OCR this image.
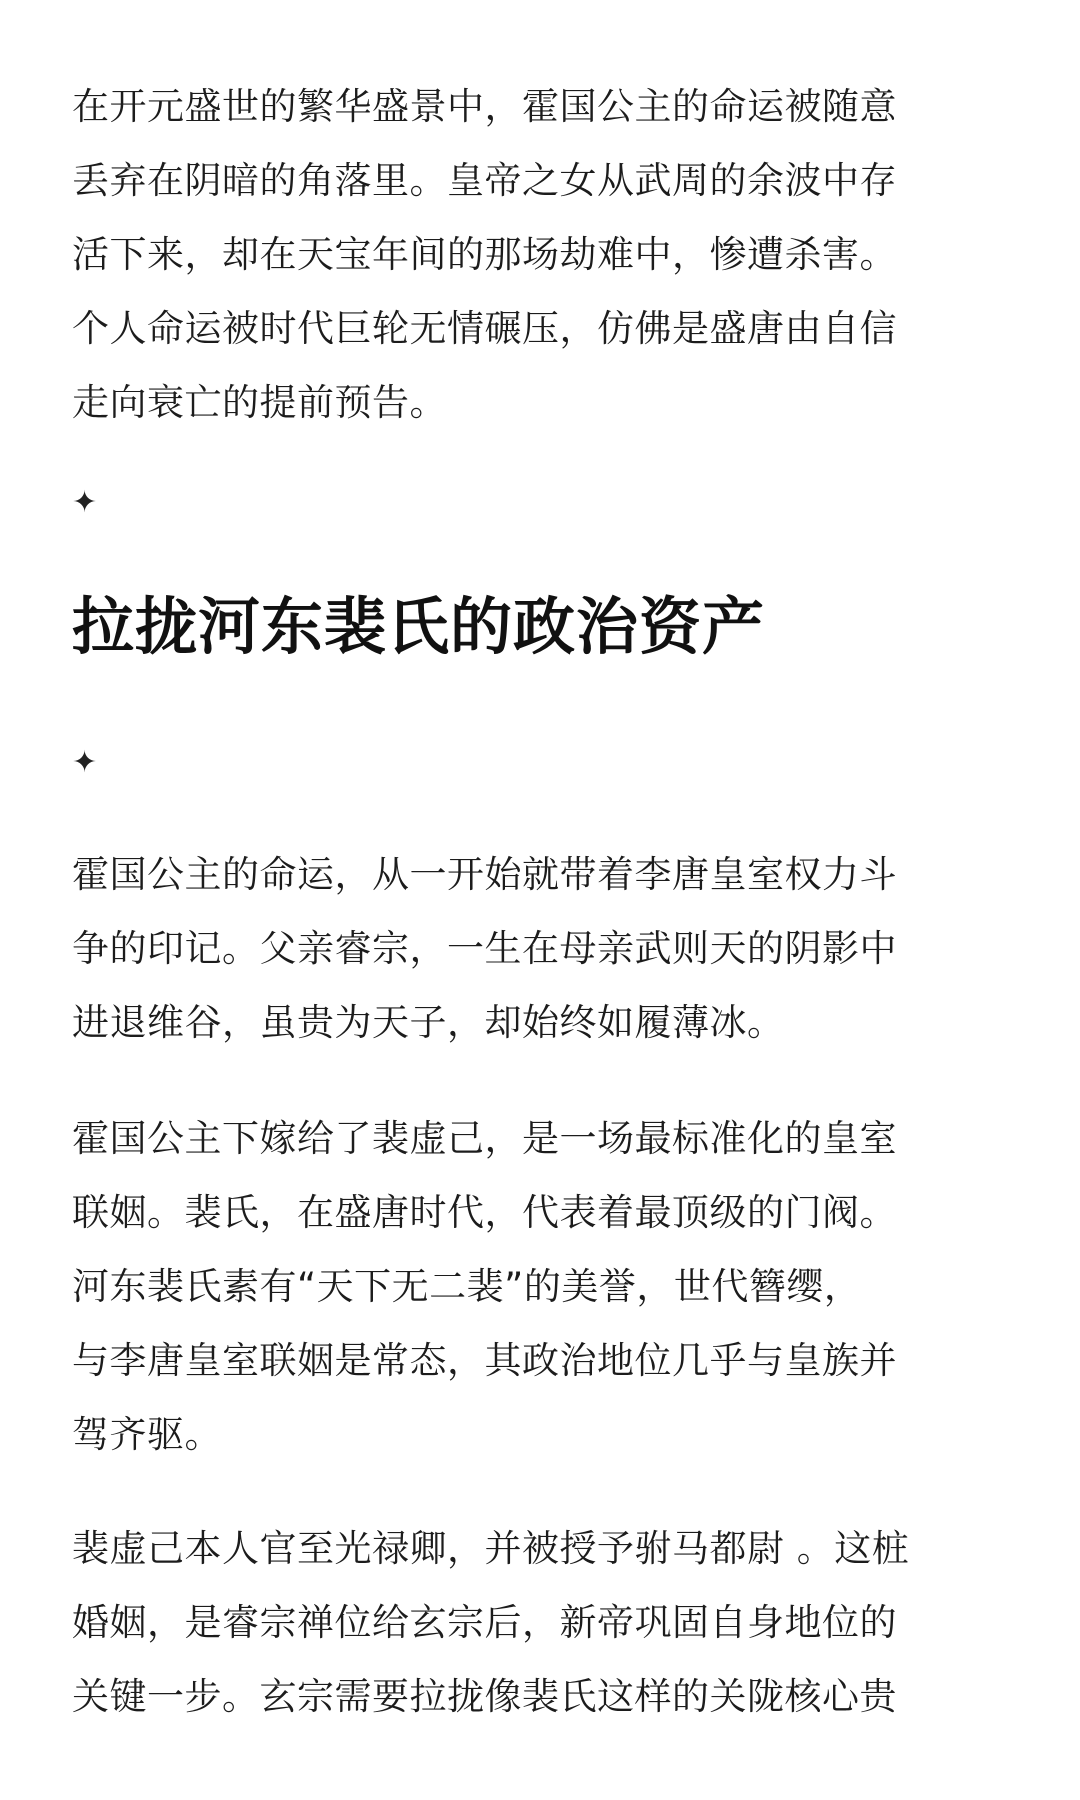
在开元盛世的繁华盛景中，霍国公主的命运被随意
丢弃在阴暗的角落里。皇帝之女从武周的余波中存
活下来，却在天宝年间的那场劫难中，惨遭杀害。
个人命运被时代巨轮无情碾压，仿佛是盛唐由自信
走向衰亡的提前预告。

✦
拉拢河东裴氏的政治资产
✦

霍国公主的命运，从一开始就带着李唐皇室权力斗
争的印记。父亲睿宗，一生在母亲武则天的阴影中
进退维谷，虽贵为天子，却始终如履薄冰。

霍国公主下嫁给了裴虚己，是一场最标准化的皇室
联姻。裴氏，在盛唐时代，代表着最顶级的门阀。
河东裴氏素有“天下无二裴”的美誉，世代簪缨，
与李唐皇室联姻是常态，其政治地位几乎与皇族并
驾齐驱。

裴虚己本人官至光禄卿，并被授予驸马都尉 。这桩
婚姻，是睿宗禅位给玄宗后，新帝巩固自身地位的
关键一步。玄宗需要拉拢像裴氏这样的关陇核心贵
